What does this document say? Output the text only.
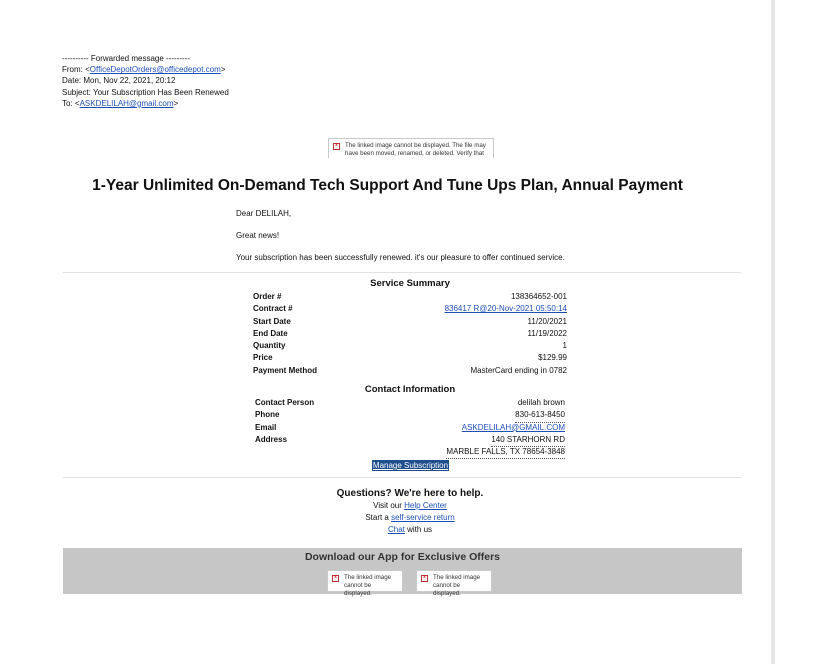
---------- Forwarded message ---------
From: <OfficeDepotOrders@officedepot.com>
Date: Mon, Nov 22, 2021, 20:12
Subject: Your Subscription Has Been Renewed
To: <ASKDELILAH@gmail.com>
× The linked image cannot be displayed. The file may have been moved, renamed, or deleted. Verify that
1-Year Unlimited On-Demand Tech Support And Tune Ups Plan, Annual Payment
Dear DELILAH,
Great news!
Your subscription has been successfully renewed. it's our pleasure to offer continued service.
Service Summary
Order #	138364652-001
Contract #	836417 R@20-Nov-2021 05:50:14
Start Date	11/20/2021
End Date	11/19/2022
Quantity	1
Price	$129.99
Payment Method	MasterCard ending in 0782
Contact Information
Contact Person	delilah brown
Phone	830-613-8450
Email	ASKDELILAH@GMAIL.COM
Address	140 STARHORN RD
MARBLE FALLS, TX 78654-3848
Manage Subscription
Questions? We're here to help.
Visit our Help Center
Start a self-service return
Chat with us
Download our App for Exclusive Offers
× The linked image cannot be displayed.
× The linked image cannot be displayed.
